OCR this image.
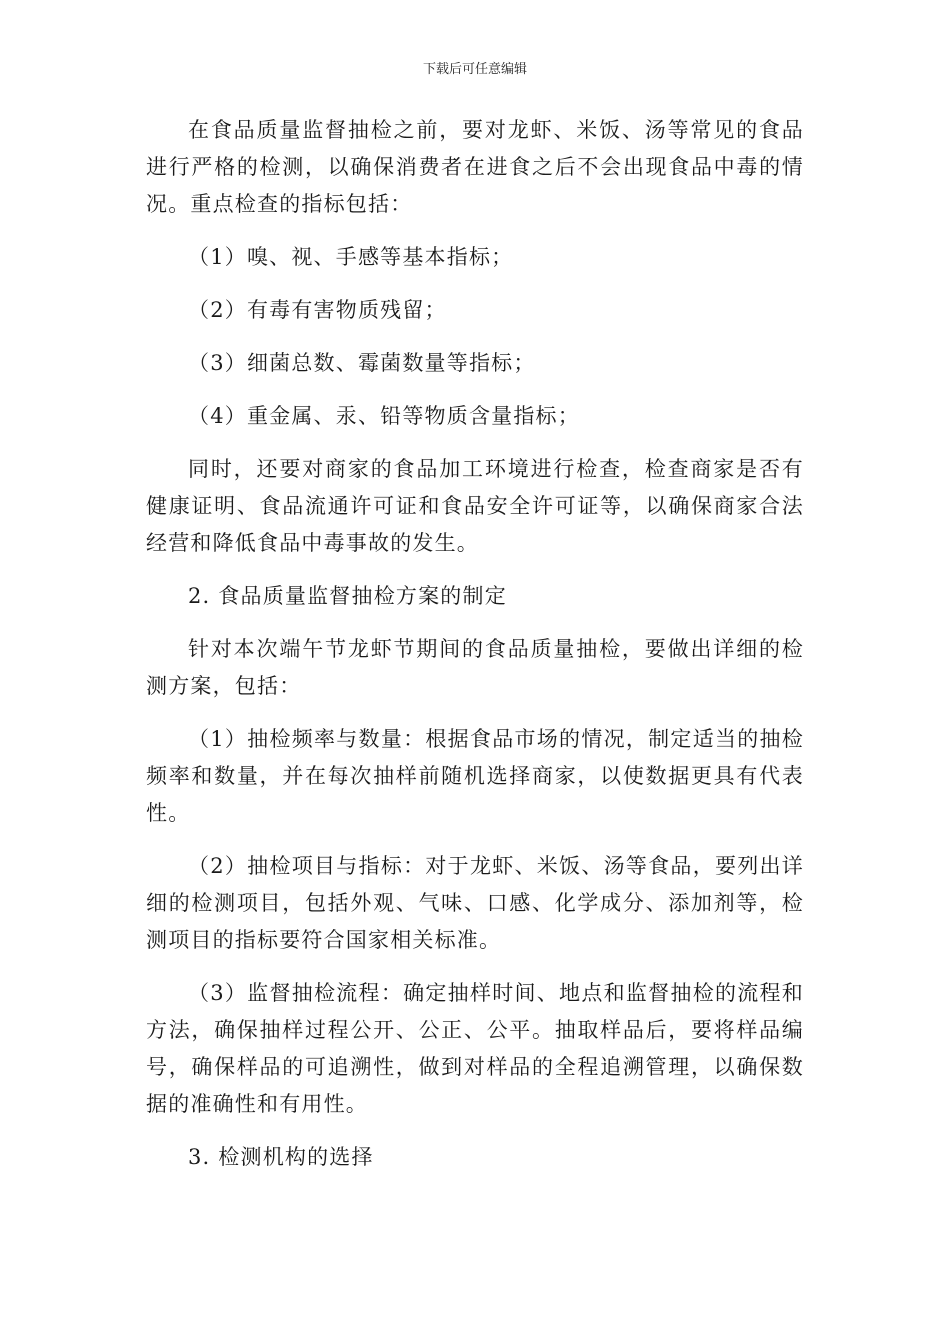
下载后可任意编辑

在食品质量监督抽检之前，要对龙虾、米饭、汤等常见的食品进行严格的检测，以确保消费者在进食之后不会出现食品中毒的情况。重点检查的指标包括：

（1）嗅、视、手感等基本指标；

（2）有毒有害物质残留；

（3）细菌总数、霉菌数量等指标；

（4）重金属、汞、铅等物质含量指标；

同时，还要对商家的食品加工环境进行检查，检查商家是否有健康证明、食品流通许可证和食品安全许可证等，以确保商家合法经营和降低食品中毒事故的发生。

2. 食品质量监督抽检方案的制定

针对本次端午节龙虾节期间的食品质量抽检，要做出详细的检测方案，包括：

（1）抽检频率与数量：根据食品市场的情况，制定适当的抽检频率和数量，并在每次抽样前随机选择商家，以使数据更具有代表性。

（2）抽检项目与指标：对于龙虾、米饭、汤等食品，要列出详细的检测项目，包括外观、气味、口感、化学成分、添加剂等，检测项目的指标要符合国家相关标准。

（3）监督抽检流程：确定抽样时间、地点和监督抽检的流程和方法，确保抽样过程公开、公正、公平。抽取样品后，要将样品编号，确保样品的可追溯性，做到对样品的全程追溯管理，以确保数据的准确性和有用性。

3. 检测机构的选择
